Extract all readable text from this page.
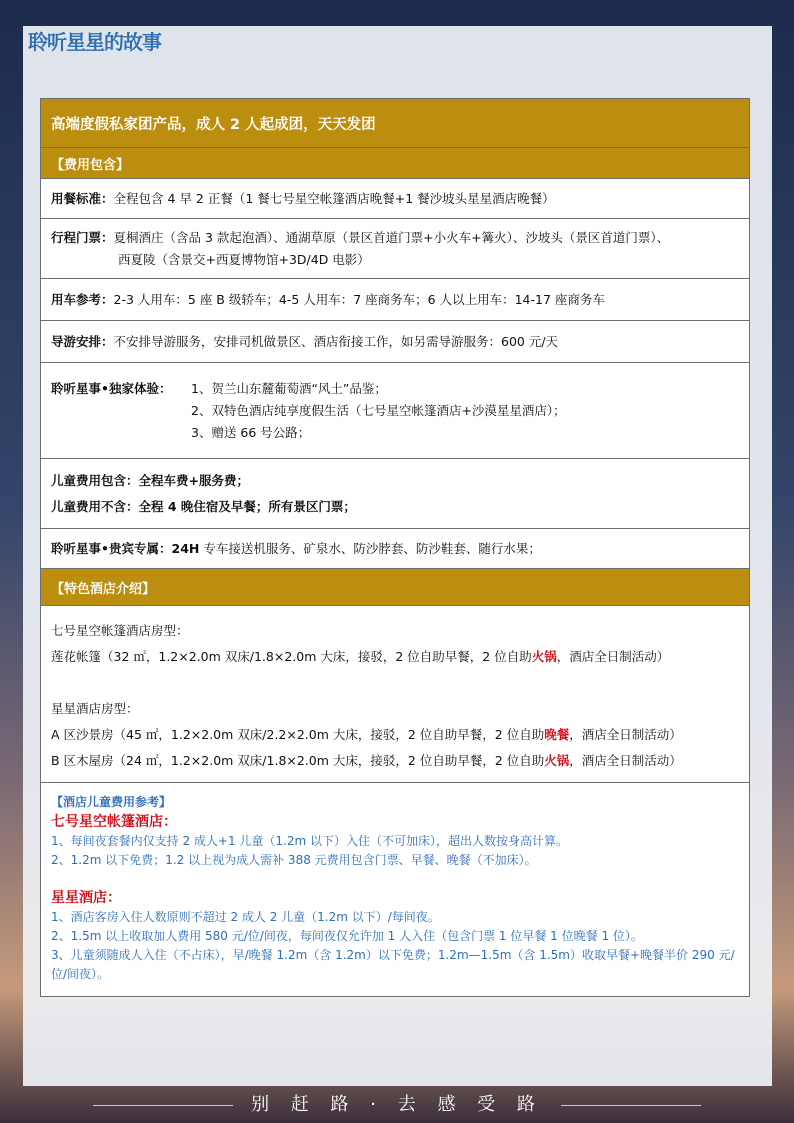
聆听星星的故事
高端度假私家团产品，成人 2 人起成团，天天发团
【费用包含】
用餐标准：全程包含 4 早 2 正餐（1 餐七号星空帐篷酒店晚餐+1 餐沙坡头星星酒店晚餐）
行程门票：夏桐酒庄（含品 3 款起泡酒）、通湖草原（景区首道门票+小火车+篝火）、沙坡头（景区首道门票）、
西夏陵（含景交+西夏博物馆+3D/4D 电影）
用车参考：2-3 人用车：5 座 B 级轿车；4-5 人用车：7 座商务车；6 人以上用车：14-17 座商务车
导游安排：不安排导游服务，安排司机做景区、酒店衔接工作，如另需导游服务：600 元/天
聆听星事•独家体验： 1、贺兰山东麓葡萄酒“风土”品鉴；
2、双特色酒店纯享度假生活（七号星空帐篷酒店+沙漠星星酒店）；
3、赠送 66 号公路；
儿童费用包含：全程车费+服务费；
儿童费用不含：全程 4 晚住宿及早餐；所有景区门票；
聆听星事•贵宾专属：24H 专车接送机服务、矿泉水、防沙脖套、防沙鞋套、随行水果；
【特色酒店介绍】
七号星空帐篷酒店房型：
莲花帐篷（32 ㎡，1.2×2.0m 双床/1.8×2.0m 大床，接驳，2 位自助早餐，2 位自助火锅，酒店全日制活动）
星星酒店房型：
A 区沙景房（45 ㎡，1.2×2.0m 双床/2.2×2.0m 大床，接驳，2 位自助早餐，2 位自助晚餐，酒店全日制活动）
B 区木屋房（24 ㎡，1.2×2.0m 双床/1.8×2.0m 大床，接驳，2 位自助早餐，2 位自助火锅，酒店全日制活动）
【酒店儿童费用参考】
七号星空帐篷酒店：
1、每间夜套餐内仅支持 2 成人+1 儿童（1.2m 以下）入住（不可加床），超出人数按身高计算。
2、1.2m 以下免费；1.2 以上视为成人需补 388 元费用包含门票、早餐、晚餐（不加床）。
星星酒店：
1、酒店客房入住人数原则不超过 2 成人 2 儿童（1.2m 以下）/每间夜。
2、1.5m 以上收取加人费用 580 元/位/间夜，每间夜仅允许加 1 人入住（包含门票 1 位早餐 1 位晚餐 1 位）。
3、儿童须随成人入住（不占床），早/晚餐 1.2m（含 1.2m）以下免费；1.2m—1.5m（含 1.5m）收取早餐+晚餐半价 290 元/位/间夜）。
别 赶 路 · 去 感 受 路
